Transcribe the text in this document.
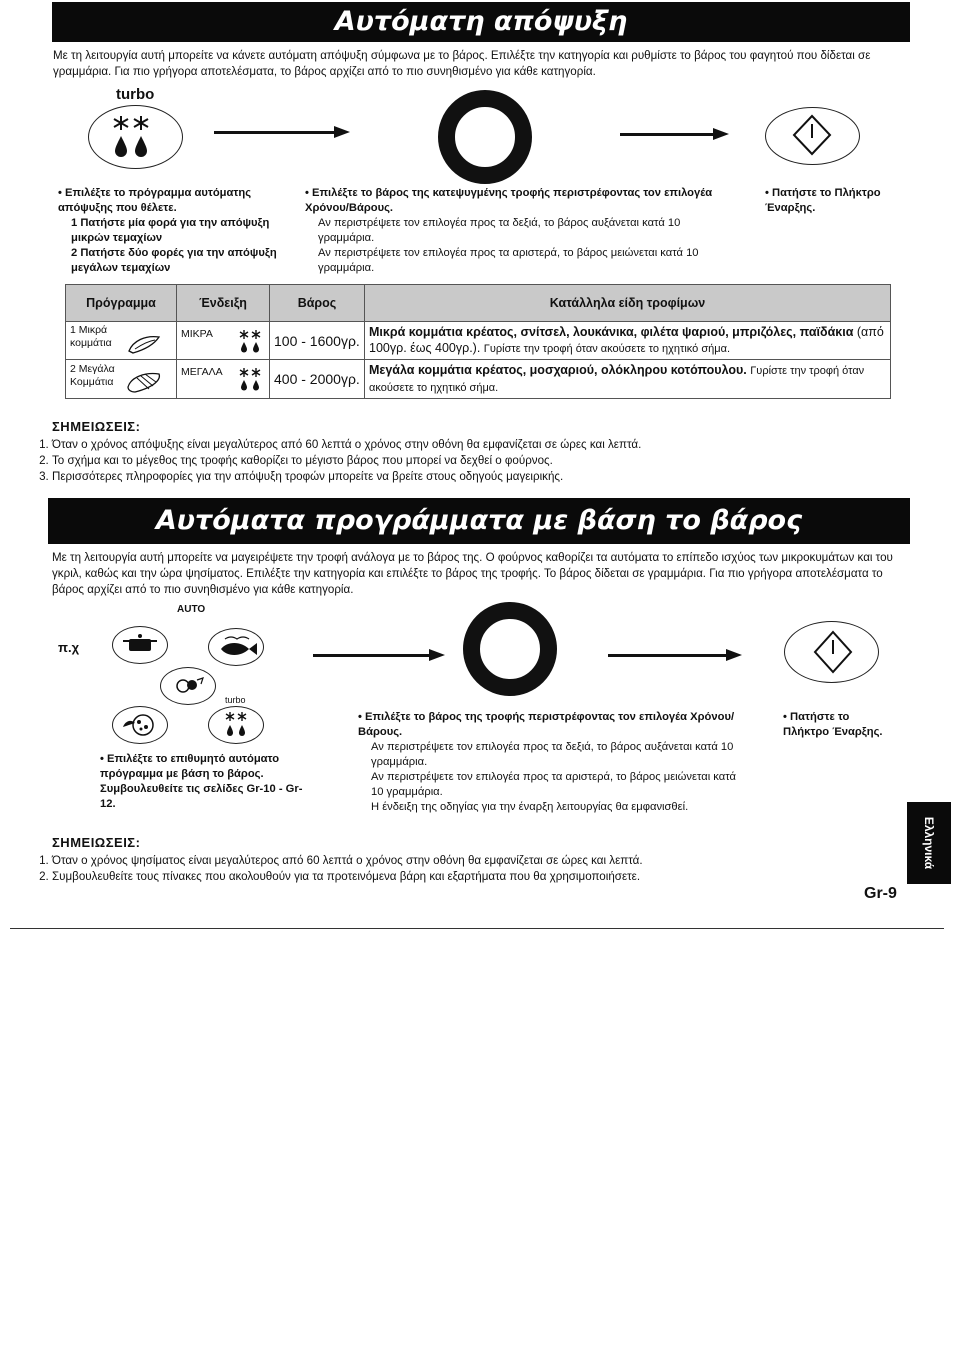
Αυτόματη απόψυξη
Με τη λειτουργία αυτή μπορείτε να κάνετε αυτόματη απόψυξη σύμφωνα με το βάρος. Επιλέξτε την κατηγορία και ρυθμίστε το βάρος του φαγητού που δίδεται σε γραμμάρια. Για πιο γρήγορα αποτελέσματα, το βάρος αρχίζει από το πιο συνηθισμένο για κάθε κατηγορία.
turbo
• Επιλέξτε το πρόγραμμα αυτόματης απόψυξης που θέλετε.
1 Πατήστε μία φορά για την απόψυξη μικρών τεμαχίων
2 Πατήστε δύο φορές για την απόψυξη μεγάλων τεμαχίων
• Επιλέξτε το βάρος της κατεψυγμένης τροφής περιστρέφοντας τον επιλογέα Χρόνου/Βάρους.
Αν περιστρέψετε τον επιλογέα προς τα δεξιά, το βάρος αυξάνεται κατά 10 γραμμάρια.
Αν περιστρέψετε τον επιλογέα προς τα αριστερά, το βάρος μειώνεται κατά 10 γραμμάρια.
• Πατήστε το Πλήκτρο Έναρξης.
Πρόγραμμα	Ένδειξη	Βάρος	Κατάλληλα είδη τροφίμων
1 Μικρά κομμάτια	ΜΙΚΡΑ	100 - 1600γρ.	Μικρά κομμάτια κρέατος, σνίτσελ, λουκάνικα, φιλέτα ψαριού, μπριζόλες, παϊδάκια (από 100γρ. έως 400γρ.). Γυρίστε την τροφή όταν ακούσετε το ηχητικό σήμα.
2 Μεγάλα Κομμάτια	ΜΕΓΑΛΑ	400 - 2000γρ.	Μεγάλα κομμάτια κρέατος, μοσχαριού, ολόκληρου κοτόπουλου. Γυρίστε την τροφή όταν ακούσετε το ηχητικό σήμα.
ΣΗΜΕΙΩΣΕΙΣ:
1. Όταν ο χρόνος απόψυξης είναι μεγαλύτερος από 60 λεπτά ο χρόνος στην οθόνη θα εμφανίζεται σε ώρες και λεπτά.
2. Το σχήμα και το μέγεθος της τροφής καθορίζει το μέγιστο βάρος που μπορεί να δεχθεί ο φούρνος.
3. Περισσότερες πληροφορίες για την απόψυξη τροφών μπορείτε να βρείτε στους οδηγούς μαγειρικής.
Αυτόματα προγράμματα με βάση το βάρος
Με τη λειτουργία αυτή μπορείτε να μαγειρέψετε την τροφή ανάλογα με το βάρος της. Ο φούρνος καθορίζει τα αυτόματα το επίπεδο ισχύος των μικροκυμάτων και του γκριλ, καθώς και την ώρα ψησίματος. Επιλέξτε την κατηγορία και επιλέξτε το βάρος της τροφής. Το βάρος δίδεται σε γραμμάρια. Για πιο γρήγορα αποτελέσματα το βάρος αρχίζει από το πιο συνηθισμένο για κάθε κατηγορία.
AUTO
π.χ
turbo
• Επιλέξτε το επιθυμητό αυτόματο πρόγραμμα με βάση το βάρος. Συμβουλευθείτε τις σελίδες Gr-10 - Gr-12.
• Επιλέξτε το βάρος της τροφής περιστρέφοντας τον επιλογέα Χρόνου/Βάρους.
Αν περιστρέψετε τον επιλογέα προς τα δεξιά, το βάρος αυξάνεται κατά 10 γραμμάρια.
Αν περιστρέψετε τον επιλογέα προς τα αριστερά, το βάρος μειώνεται κατά 10 γραμμάρια.
Η ένδειξη της οδηγίας για την έναρξη λειτουργίας θα εμφανισθεί.
• Πατήστε το Πλήκτρο Έναρξης.
ΣΗΜΕΙΩΣΕΙΣ:
1. Όταν ο χρόνος ψησίματος είναι μεγαλύτερος από 60 λεπτά ο χρόνος στην οθόνη θα εμφανίζεται σε ώρες και λεπτά.
2. Συμβουλευθείτε τους πίνακες που ακολουθούν για τα προτεινόμενα βάρη και εξαρτήματα που θα χρησιμοποιήσετε.
Ελληνικά
Gr-9
